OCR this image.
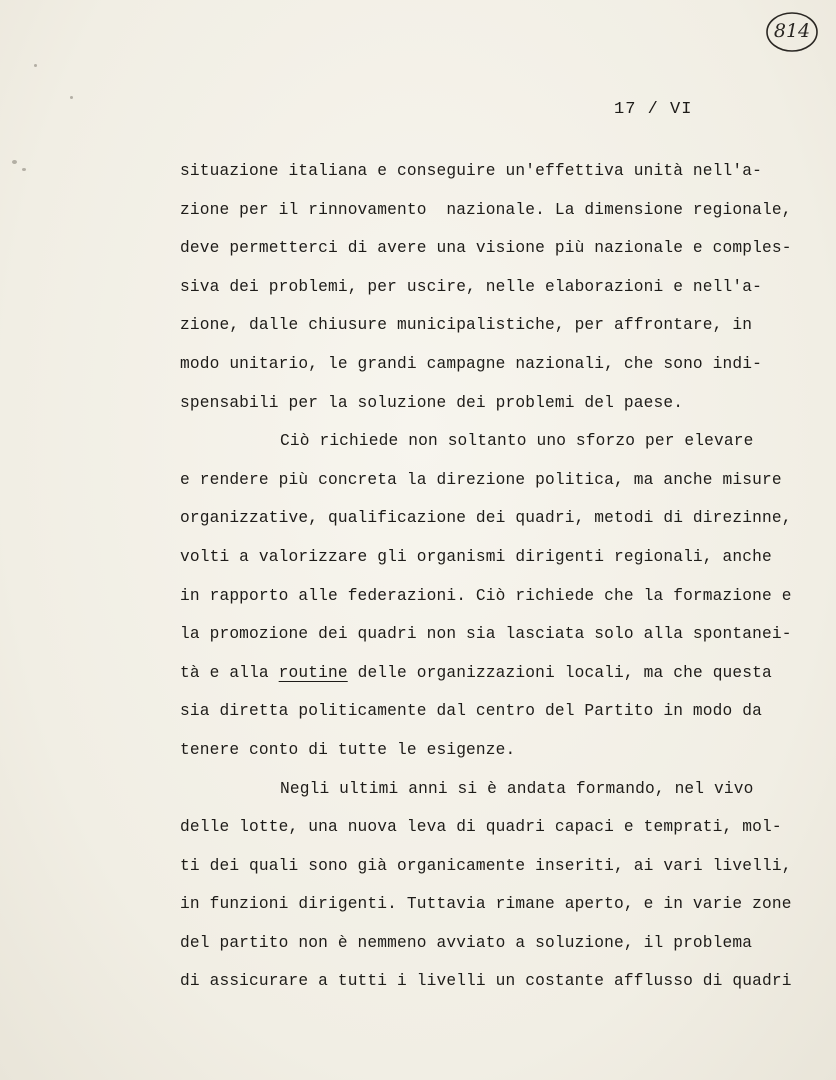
814
17 / VI
situazione italiana e conseguire un'effettiva unità nell'a-
zione per il rinnovamento  nazionale. La dimensione regionale,
deve permetterci di avere una visione più nazionale e comples-
siva dei problemi, per uscire, nelle elaborazioni e nell'a-
zione, dalle chiusure municipalistiche, per affrontare, in
modo unitario, le grandi campagne nazionali, che sono indi-
spensabili per la soluzione dei problemi del paese.
Ciò richiede non soltanto uno sforzo per elevare
e rendere più concreta la direzione politica, ma anche misure
organizzative, qualificazione dei quadri, metodi di direzinne,
volti a valorizzare gli organismi dirigenti regionali, anche
in rapporto alle federazioni. Ciò richiede che la formazione e
la promozione dei quadri non sia lasciata solo alla spontanei-
tà e alla routine delle organizzazioni locali, ma che questa
sia diretta politicamente dal centro del Partito in modo da
tenere conto di tutte le esigenze.
Negli ultimi anni si è andata formando, nel vivo
delle lotte, una nuova leva di quadri capaci e temprati, mol-
ti dei quali sono già organicamente inseriti, ai vari livelli,
in funzioni dirigenti. Tuttavia rimane aperto, e in varie zone
del partito non è nemmeno avviato a soluzione, il problema
di assicurare a tutti i livelli un costante afflusso di quadri
